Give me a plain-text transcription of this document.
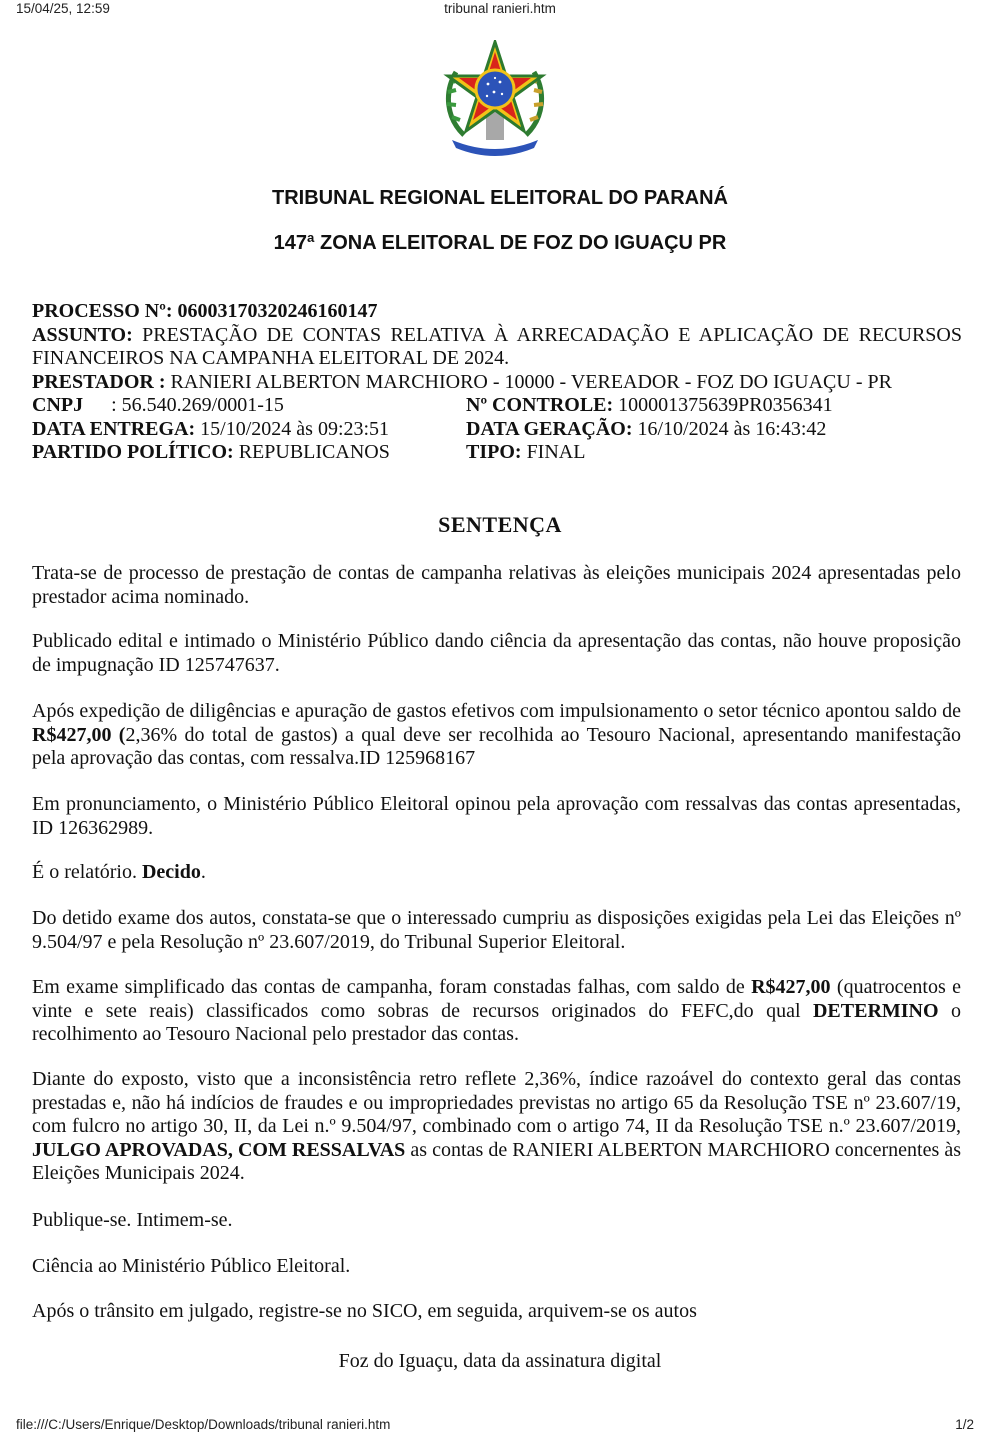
15/04/25, 12:59	tribunal ranieri.htm
TRIBUNAL REGIONAL ELEITORAL DO PARANÁ
147ª ZONA ELEITORAL DE FOZ DO IGUAÇU PR
PROCESSO Nº: 06003170320246160147
ASSUNTO: PRESTAÇÃO DE CONTAS RELATIVA À ARRECADAÇÃO E APLICAÇÃO DE RECURSOS FINANCEIROS NA CAMPANHA ELEITORAL DE 2024.
PRESTADOR : RANIERI ALBERTON MARCHIORO - 10000 - VEREADOR - FOZ DO IGUAÇU - PR
CNPJ : 56.540.269/0001-15	Nº CONTROLE: 100001375639PR0356341
DATA ENTREGA: 15/10/2024 às 09:23:51	DATA GERAÇÃO: 16/10/2024 às 16:43:42
PARTIDO POLÍTICO: REPUBLICANOS	TIPO: FINAL
SENTENÇA

Trata-se de processo de prestação de contas de campanha relativas às eleições municipais 2024 apresentadas pelo prestador acima nominado.

Publicado edital e intimado o Ministério Público dando ciência da apresentação das contas, não houve proposição de impugnação ID 125747637.

Após expedição de diligências e apuração de gastos efetivos com impulsionamento o setor técnico apontou saldo de R$427,00 (2,36% do total de gastos) a qual deve ser recolhida ao Tesouro Nacional, apresentando manifestação pela aprovação das contas, com ressalva.ID 125968167

Em pronunciamento, o Ministério Público Eleitoral opinou pela aprovação com ressalvas das contas apresentadas, ID 126362989.

É o relatório. Decido.

Do detido exame dos autos, constata-se que o interessado cumpriu as disposições exigidas pela Lei das Eleições nº 9.504/97 e pela Resolução nº 23.607/2019, do Tribunal Superior Eleitoral.

Em exame simplificado das contas de campanha, foram constadas falhas, com saldo de R$427,00 (quatrocentos e vinte e sete reais) classificados como sobras de recursos originados do FEFC,do qual DETERMINO o recolhimento ao Tesouro Nacional pelo prestador das contas.

Diante do exposto, visto que a inconsistência retro reflete 2,36%, índice razoável do contexto geral das contas prestadas e, não há indícios de fraudes e ou impropriedades previstas no artigo 65 da Resolução TSE nº 23.607/19, com fulcro no artigo 30, II, da Lei n.º 9.504/97, combinado com o artigo 74, II da Resolução TSE n.º 23.607/2019, JULGO APROVADAS, COM RESSALVAS as contas de RANIERI ALBERTON MARCHIORO concernentes às Eleições Municipais 2024.

Publique-se. Intimem-se.

Ciência ao Ministério Público Eleitoral.

Após o trânsito em julgado, registre-se no SICO, em seguida, arquivem-se os autos

Foz do Iguaçu, data da assinatura digital
file:///C:/Users/Enrique/Desktop/Downloads/tribunal ranieri.htm	1/2
